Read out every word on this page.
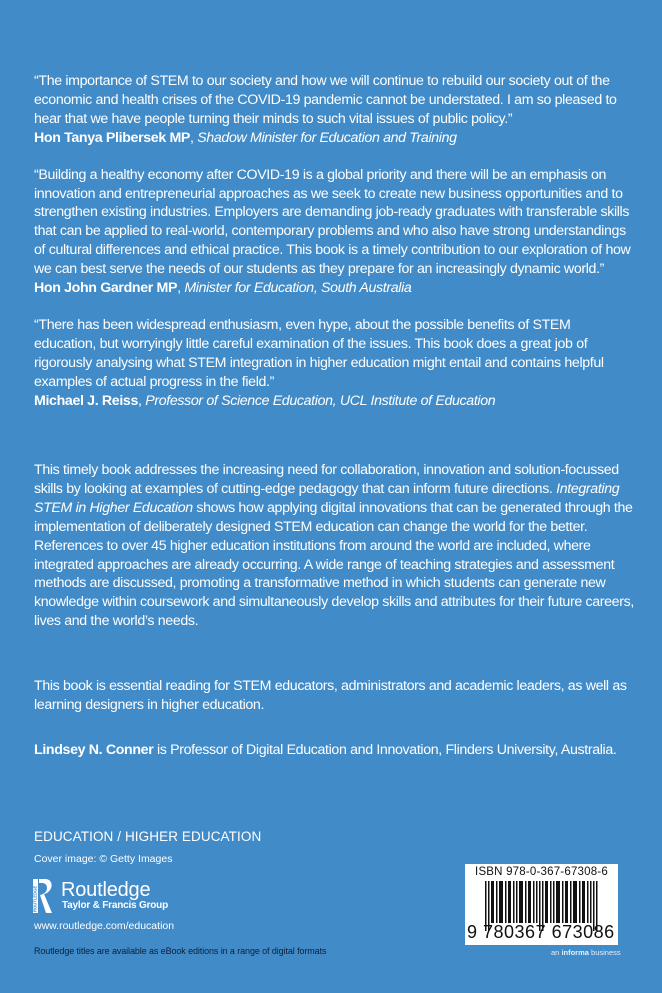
“The importance of STEM to our society and how we will continue to rebuild our society out of the economic and health crises of the COVID-19 pandemic cannot be understated. I am so pleased to hear that we have people turning their minds to such vital issues of public policy.”

Hon Tanya Plibersek MP, Shadow Minister for Education and Training

“Building a healthy economy after COVID-19 is a global priority and there will be an emphasis on innovation and entrepreneurial approaches as we seek to create new business opportunities and to strengthen existing industries. Employers are demanding job-ready graduates with transferable skills that can be applied to real-world, contemporary problems and who also have strong understandings of cultural differences and ethical practice. This book is a timely contribution to our exploration of how we can best serve the needs of our students as they prepare for an increasingly dynamic world.”

Hon John Gardner MP, Minister for Education, South Australia

“There has been widespread enthusiasm, even hype, about the possible benefits of STEM education, but worryingly little careful examination of the issues. This book does a great job of rigorously analysing what STEM integration in higher education might entail and contains helpful examples of actual progress in the field.”

Michael J. Reiss, Professor of Science Education, UCL Institute of Education

This timely book addresses the increasing need for collaboration, innovation and solution-focussed skills by looking at examples of cutting-edge pedagogy that can inform future directions. Integrating STEM in Higher Education shows how applying digital innovations that can be generated through the implementation of deliberately designed STEM education can change the world for the better. References to over 45 higher education institutions from around the world are included, where integrated approaches are already occurring. A wide range of teaching strategies and assessment methods are discussed, promoting a transformative method in which students can generate new knowledge within coursework and simultaneously develop skills and attributes for their future careers, lives and the world’s needs.

This book is essential reading for STEM educators, administrators and academic leaders, as well as learning designers in higher education.

Lindsey N. Conner is Professor of Digital Education and Innovation, Flinders University, Australia.

EDUCATION / HIGHER EDUCATION
Cover image: © Getty Images
ROUTLEDGE Routledge
Taylor & Francis Group
www.routledge.com/education
Routledge titles are available as eBook editions in a range of digital formats
ISBN 978-0-367-67308-6
9 780367 673086
an informa business
